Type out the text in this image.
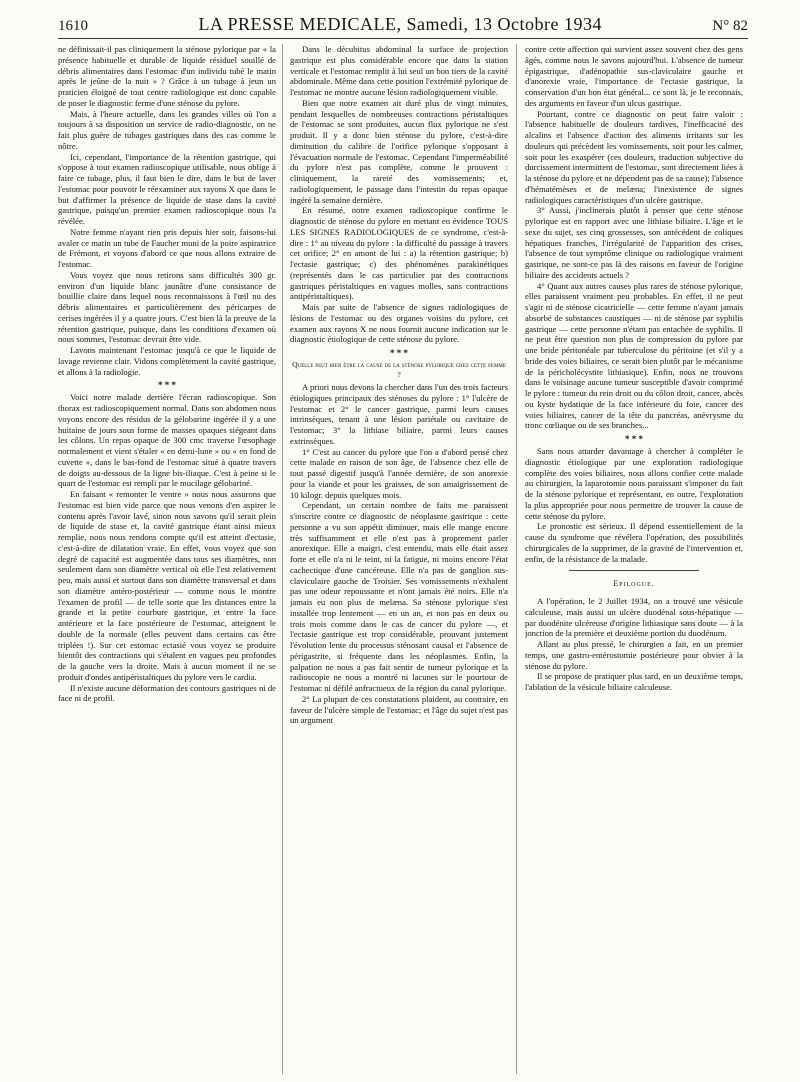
1610	LA PRESSE MEDICALE, Samedi, 13 Octobre 1934	N° 82

ne définissait-il pas cliniquement la sténose pylorique par « la présence habituelle et durable de liquide résiduel souillé de débris alimentaires dans l'estomac d'un individu tubé le matin après le jeûne de la nuit » ? Grâce à un tubage à jeun un praticien éloigné de tout centre radiologique est donc capable de poser le diagnostic ferme d'une sténose du pylore.

Mais, à l'heure actuelle, dans les grandes villes où l'on a toujours à sa disposition un service de radio-diagnostic, on ne fait plus guère de tubages gastriques dans des cas comme le nôtre.

Ici, cependant, l'importance de la rétention gastrique, qui s'oppose à tout examen radioscopique utilisable, nous oblige à faire ce tubage, plus, il faut bien le dire, dans le but de laver l'estomac pour pouvoir le réexaminer aux rayons X que dans le but d'affirmer la présence de liquide de stase dans la cavité gastrique, puisqu'un premier examen radioscopique nous l'a révélée.

Notre femme n'ayant rien pris depuis hier soir, faisons-lui avaler ce matin un tube de Faucher muni de la poire aspiratrice de Frémont, et voyons d'abord ce que nous allons extraire de l'estomac.

Vous voyez que nous retirons sans difficultés 300 gr. environ d'un liquide blanc jaunâtre d'une consistance de bouillie claire dans lequel nous reconnaissons à l'œil nu des débris alimentaires et particulièrement des péricarpes de cerises ingérées il y a quatre jours. C'est bien là la preuve de la rétention gastrique, puisque, dans les conditions d'examen où nous sommes, l'estomac devrait être vide.

Lavons maintenant l'estomac jusqu'à ce que le liquide de lavage revienne clair. Vidons complètement la cavité gastrique, et allons à la radiologie.

* * *

Voici notre malade derrière l'écran radioscopique. Son thorax est radioscopiquement normal. Dans son abdomen nous voyons encore des résidus de la gélobarine ingérée il y a une huitaine de jours sous forme de masses opaques siégeant dans les côlons. Un repas opaque de 300 cmc traverse l'œsophage normalement et vient s'étaler « en demi-lune » ou « en fond de cuvette », dans le bas-fond de l'estomac situé à quatre travers de doigts au-dessous de la ligne bis-iliaque. C'est à peine si le quart de l'estomac est rempli par le mucilage gélobariné.

En faisant « remonter le ventre » nous nous assurons que l'estomac est bien vide parce que nous venons d'en aspirer le contenu après l'avoir lavé, sinon nous savons qu'il serait plein de liquide de stase et, la cavité gastrique étant ainsi mieux remplie, nous nous rendons compte qu'il est atteint d'ectasie, c'est-à-dire de dilatation vraie. En effet, vous voyez que son degré de capacité est augmentée dans tous ses diamètres, non seulement dans son diamètre vertical où elle l'est relativement peu, mais aussi et surtout dans son diamètre transversal et dans son diamètre antéro-postérieur — comme nous le montre l'examen de profil — de telle sorte que les distances entre la grande et la petite courbure gastrique, et entre la face antérieure et la face postérieure de l'estomac, atteignent le double de la normale (elles peuvent dans certains cas être triplées !). Sur cet estomac ectasié vous voyez se produire bientôt des contractions qui s'étalent en vagues peu profondes de la gauche vers la droite. Mais à aucun moment il ne se produit d'ondes antipéristaltiques du pylore vers le cardia.

Il n'existe aucune déformation des contours gastriques ni de face ni de profil.

Dans le décubitus abdominal la surface de projection gastrique est plus considérable encore que dans la station verticale et l'estomac remplit à lui seul un bon tiers de la cavité abdominale. Même dans cette position l'extrémité pylorique de l'estomac ne montre aucune lésion radiologiquement visible.

Bien que notre examen ait duré plus de vingt minutes, pendant lesquelles de nombreuses contractions péristaltiques de l'estomac se sont produites, aucun flux pylorique ne s'est produit. Il y a donc bien sténose du pylore, c'est-à-dire diminution du calibre de l'orifice pylorique s'opposant à l'évacuation normale de l'estomac. Cependant l'imperméabilité du pylore n'est pas complète, comme le prouvent : cliniquement, la rareté des vomissements; et, radiologiquement, le passage dans l'intestin du repas opaque ingéré la semaine dernière.

En résumé, notre examen radioscopique confirme le diagnostic de sténose du pylore en mettant en évidence TOUS LES SIGNES RADIOLOGIQUES de ce syndrome, c'est-à-dire : 1° au niveau du pylore : la difficulté du passage à travers cet orifice; 2° en amont de lui : a) la rétention gastrique; b) l'ectasie gastrique; c) des phénomènes parakinétiques (représentés dans le cas particulier par des contractions gastriques péristaltiques en vagues molles, sans contractions antipéristaltiques).

Mais par suite de l'absence de signes radiologiques de lésions de l'estomac ou des organes voisins du pylore, cet examen aux rayons X ne nous fournit aucune indication sur le diagnostic étiologique de cette sténose du pylore.

* * *
Quelle peut bien être la cause de la sténose pylorique chez cette femme ?

A priori nous devons la chercher dans l'un des trois facteurs étiologiques principaux des sténoses du pylore : 1° l'ulcère de l'estomac et 2° le cancer gastrique, parmi leurs causes intrinsèques, tenant à une lésion pariétale ou cavitaire de l'estomac; 3° la lithiase biliaire, parmi leurs causes extrinsèques.

1° C'est au cancer du pylore que l'on a d'abord pensé chez cette malade en raison de son âge, de l'absence chez elle de tout passé digestif jusqu'à l'année dernière, de son anorexie pour la viande et pour les graisses, de son amaigrissement de 10 kilogr. depuis quelques mois.

Cependant, un certain nombre de faits me paraissent s'inscrire contre ce diagnostic de néoplasme gastrique : cette personne a vu son appétit diminuer, mais elle mange encore très suffisamment et elle n'est pas à proprement parler anorexique. Elle a maigri, c'est entendu, mais elle était assez forte et elle n'a ni le teint, ni la fatigue, ni moins encore l'état cachectique d'une cancéreuse. Elle n'a pas de ganglion sus-claviculaire gauche de Troisier. Ses vomissements n'exhalent pas une odeur repoussante et n'ont jamais été noirs. Elle n'a jamais eu non plus de melæna. Sa sténose pylorique s'est installée trop lentement — en un an, et non pas en deux ou trois mois comme dans le cas de cancer du pylore —, et l'ectasie gastrique est trop considérable, prouvant justement l'évolution lente du processus sténosant causal et l'absence de périgastrite, si fréquente dans les néoplasmes. Enfin, la palpation ne nous a pas fait sentir de tumeur pylorique et la radioscopie ne nous a montré ni lacunes sur le pourtour de l'estomac ni défilé anfractueux de la région du canal pylorique.

2° La plupart de ces constatations plaident, au contraire, en faveur de l'ulcère simple de l'estomac; et l'âge du sujet n'est pas un argument

contre cette affection qui survient assez souvent chez des gens âgés, comme nous le savons aujourd'hui. L'absence de tumeur épigastrique, d'adénopathie sus-claviculaire gauche et d'anorexie vraie, l'importance de l'ectasie gastrique, la conservation d'un bon état général... ce sont là, je le reconnais, des arguments en faveur d'un ulcus gastrique.

Pourtant, contre ce diagnostic on peut faire valoir : l'absence habituelle de douleurs tardives, l'inefficacité des alcalins et l'absence d'action des aliments irritants sur les douleurs qui précèdent les vomissements, soit pour les calmer, soit pour les exaspérer (ces douleurs, traduction subjective du durcissement intermittent de l'estomac, sont directement liées à la sténose du pylore et ne dépendent pas de sa cause); l'absence d'hématémèses et de melæna; l'inexistence de signes radiologiques caractéristiques d'un ulcère gastrique.

3° Aussi, j'inclinerais plutôt à penser que cette sténose pylorique est en rapport avec une lithiase biliaire. L'âge et le sexe du sujet, ses cinq grossesses, son antécédent de coliques hépatiques franches, l'irrégularité de l'apparition des crises, l'absence de tout symptôme clinique ou radiologique vraiment gastrique, ne sont-ce pas là des raisons en faveur de l'origine biliaire des accidents actuels ?

4° Quant aux autres causes plus rares de sténose pylorique, elles paraissent vraiment peu probables. En effet, il ne peut s'agir ni de sténose cicatricielle — cette femme n'ayant jamais absorbé de substances caustiques — ni de sténose par syphilis gastrique — cette personne n'étant pas entachée de syphilis. Il ne peut être question non plus de compression du pylore par une bride péritonéale par tuberculose du péritoine (et s'il y a bride des voies biliaires, ce serait bien plutôt par le mécanisme de la péricholécystite lithiasique). Enfin, nous ne trouvons dans le voisinage aucune tumeur susceptible d'avoir comprimé le pylore : tumeur du rein droit ou du côlon droit, cancer, abcès ou kyste hydatique de la face inférieure du foie, cancer des voies biliaires, cancer de la tête du pancréas, anévrysme du tronc cœliaque ou de ses branches...

* * *

Sans nous attarder davantage à chercher à compléter le diagnostic étiologique par une exploration radiologique complète des voies biliaires, nous allons confier cette malade au chirurgien, la laparotomie nous paraissant s'imposer du fait de la sténose pylorique et représentant, en outre, l'exploration la plus appropriée pour nous permettre de trouver la cause de cette sténose du pylore.

Le pronostic est sérieux. Il dépend essentiellement de la cause du syndrome que révélera l'opération, des possibilités chirurgicales de la supprimer, de la gravité de l'intervention et, enfin, de la résistance de la malade.

Epilogue.

A l'opération, le 2 Juillet 1934, on a trouvé une vésicule calculeuse, mais aussi un ulcère duodénal sous-hépatique — par duodénite ulcéreuse d'origine lithiasique sans doute — à la jonction de la première et deuxième portion du duodénum.

Allant au plus pressé, le chirurgien a fait, en un premier temps, une gastro-entérostomie postérieure pour obvier à la sténose du pylore.

Il se propose de pratiquer plus tard, en un deuxième temps, l'ablation de la vésicule biliaire calculeuse.
